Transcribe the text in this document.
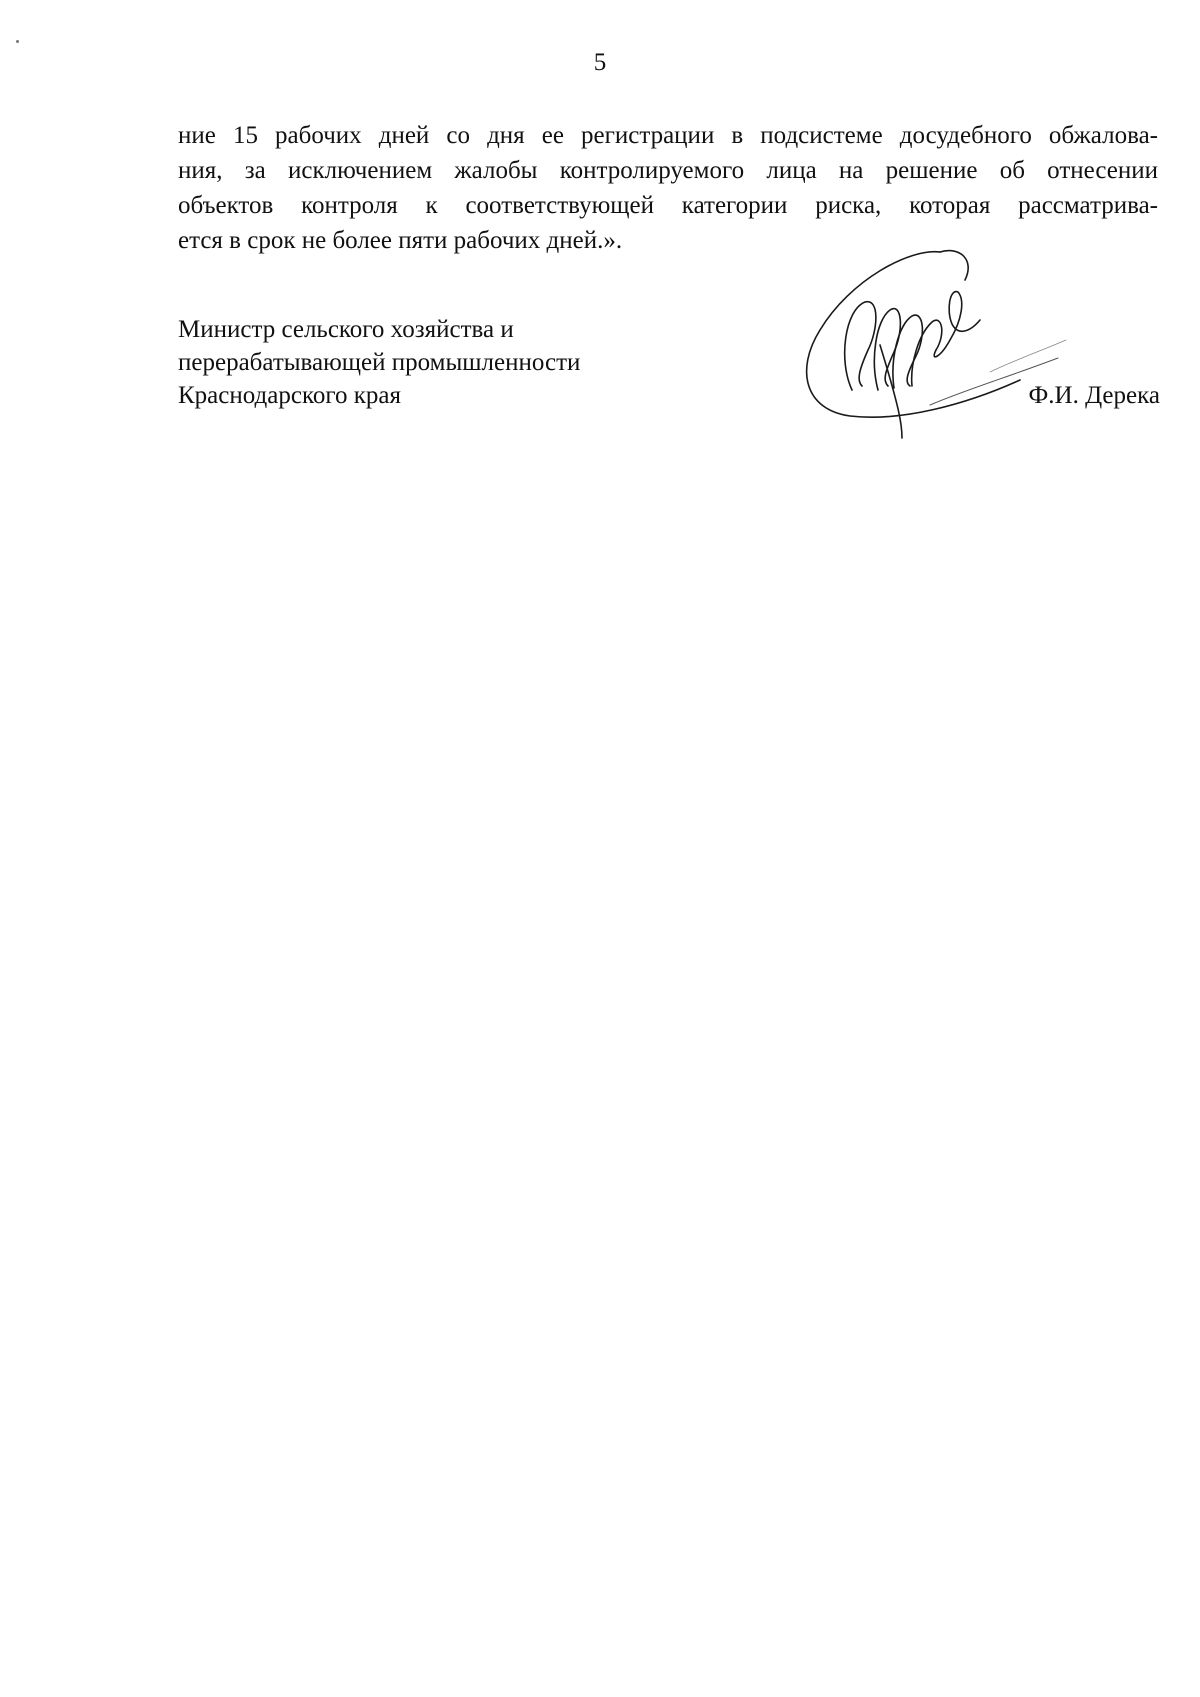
5
ние 15 рабочих дней со дня ее регистрации в подсистеме досудебного обжалова-
ния, за исключением жалобы контролируемого лица на решение об отнесении
объектов контроля к соответствующей категории риска, которая рассматрива-
ется в срок не более пяти рабочих дней.».
Министр сельского хозяйства и
перерабатывающей промышленности
Краснодарского края	Ф.И. Дерека
